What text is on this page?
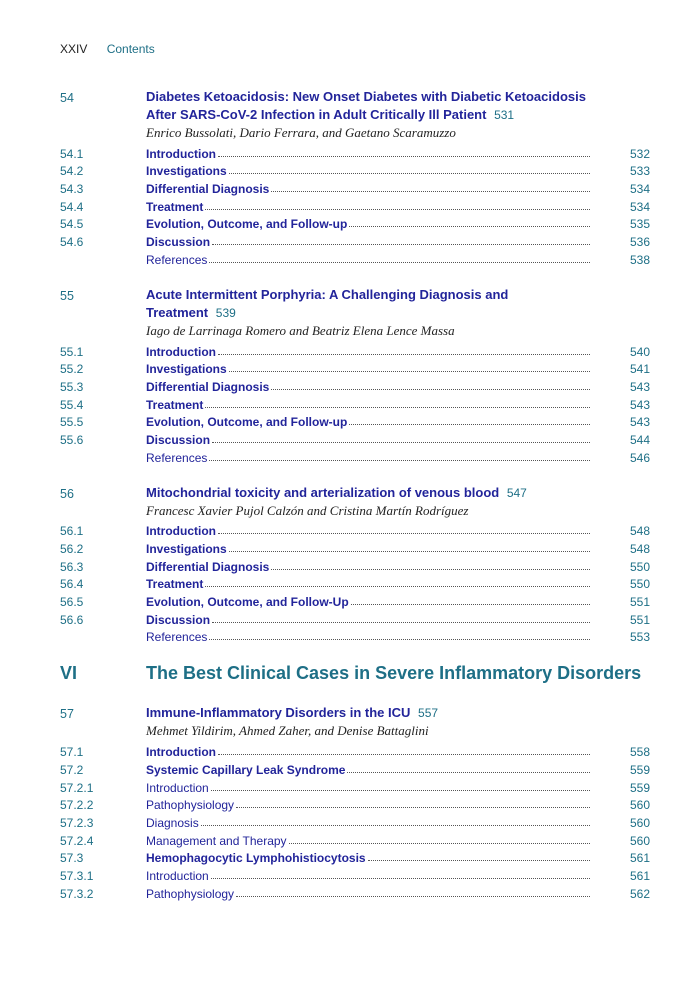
XXIV Contents
54	Diabetes Ketoacidosis: New Onset Diabetes with Diabetic Ketoacidosis
After SARS-CoV-2 Infection in Adult Critically Ill Patient 531
Enrico Bussolati, Dario Ferrara, and Gaetano Scaramuzzo
54.1	Introduction	532
54.2	Investigations	533
54.3	Differential Diagnosis	534
54.4	Treatment	534
54.5	Evolution, Outcome, and Follow-up	535
54.6	Discussion	536
References	538
55	Acute Intermittent Porphyria: A Challenging Diagnosis and
Treatment 539
Iago de Larrinaga Romero and Beatriz Elena Lence Massa
55.1	Introduction	540
55.2	Investigations	541
55.3	Differential Diagnosis	543
55.4	Treatment	543
55.5	Evolution, Outcome, and Follow-up	543
55.6	Discussion	544
References	546
56	Mitochondrial toxicity and arterialization of venous blood 547
Francesc Xavier Pujol Calzón and Cristina Martín Rodríguez
56.1	Introduction	548
56.2	Investigations	548
56.3	Differential Diagnosis	550
56.4	Treatment	550
56.5	Evolution, Outcome, and Follow-Up	551
56.6	Discussion	551
References	553
VI	The Best Clinical Cases in Severe Inflammatory Disorders
57	Immune-Inflammatory Disorders in the ICU 557
Mehmet Yildirim, Ahmed Zaher, and Denise Battaglini
57.1	Introduction	558
57.2	Systemic Capillary Leak Syndrome	559
57.2.1	Introduction	559
57.2.2	Pathophysiology	560
57.2.3	Diagnosis	560
57.2.4	Management and Therapy	560
57.3	Hemophagocytic Lymphohistiocytosis	561
57.3.1	Introduction	561
57.3.2	Pathophysiology	562
